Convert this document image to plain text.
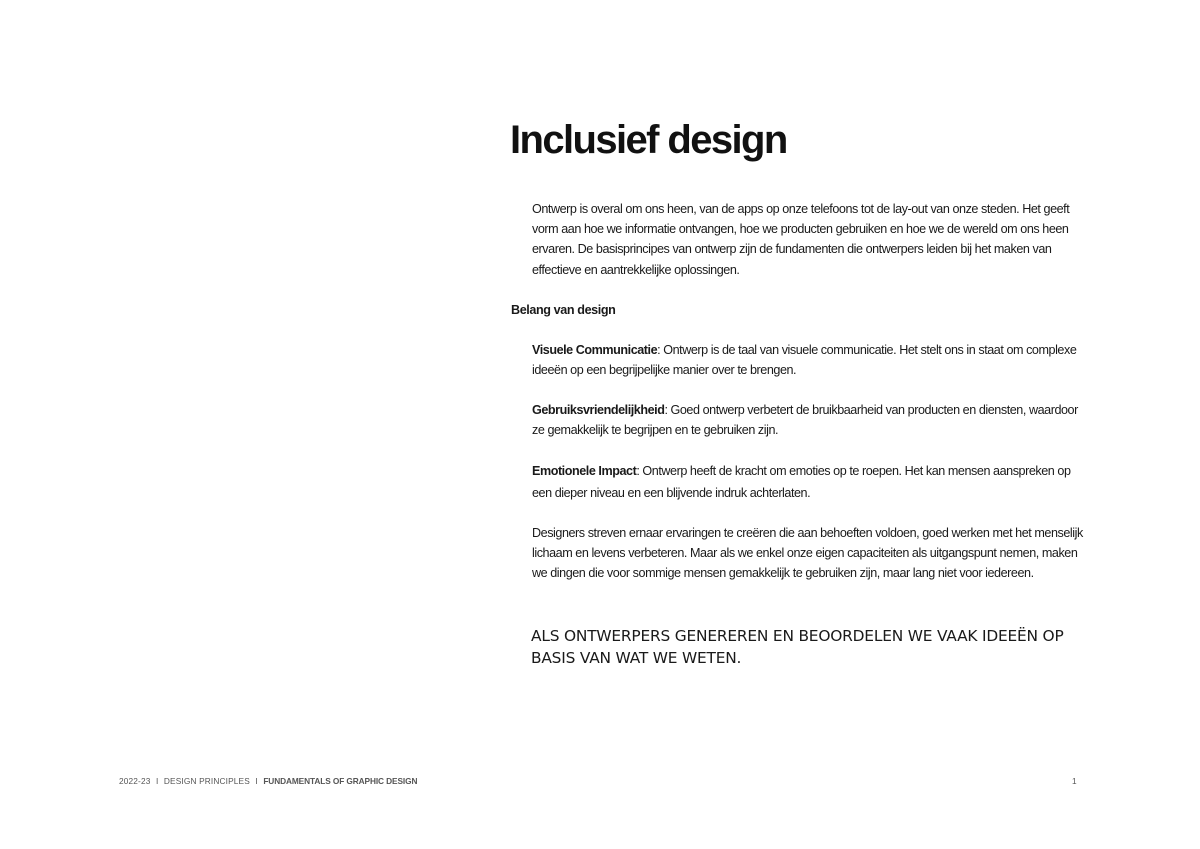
Inclusief design

Ontwerp is overal om ons heen, van de apps op onze telefoons tot de lay-out van onze steden. Het geeft vorm aan hoe we informatie ontvangen, hoe we producten gebruiken en hoe we de wereld om ons heen ervaren. De basisprincipes van ontwerp zijn de fundamenten die ontwerpers leiden bij het maken van effectieve en aantrekkelijke oplossingen.

Belang van design

Visuele Communicatie: Ontwerp is de taal van visuele communicatie. Het stelt ons in staat om complexe ideeën op een begrijpelijke manier over te brengen.

Gebruiksvriendelijkheid: Goed ontwerp verbetert de bruikbaarheid van producten en diensten, waardoor ze gemakkelijk te begrijpen en te gebruiken zijn.

Emotionele Impact: Ontwerp heeft de kracht om emoties op te roepen. Het kan mensen aanspreken op een dieper niveau en een blijvende indruk achterlaten.

Designers streven ernaar ervaringen te creëren die aan behoeften voldoen, goed werken met het menselijk lichaam en levens verbeteren. Maar als we enkel onze eigen capaciteiten als uitgangspunt nemen, maken we dingen die voor sommige mensen gemakkelijk te gebruiken zijn, maar lang niet voor iedereen.

ALS ONTWERPERS GENEREREN EN BEOORDELEN WE VAAK IDEEËN OP BASIS VAN WAT WE WETEN.

2022-23 I DESIGN PRINCIPLES I FUNDAMENTALS OF GRAPHIC DESIGN	1
